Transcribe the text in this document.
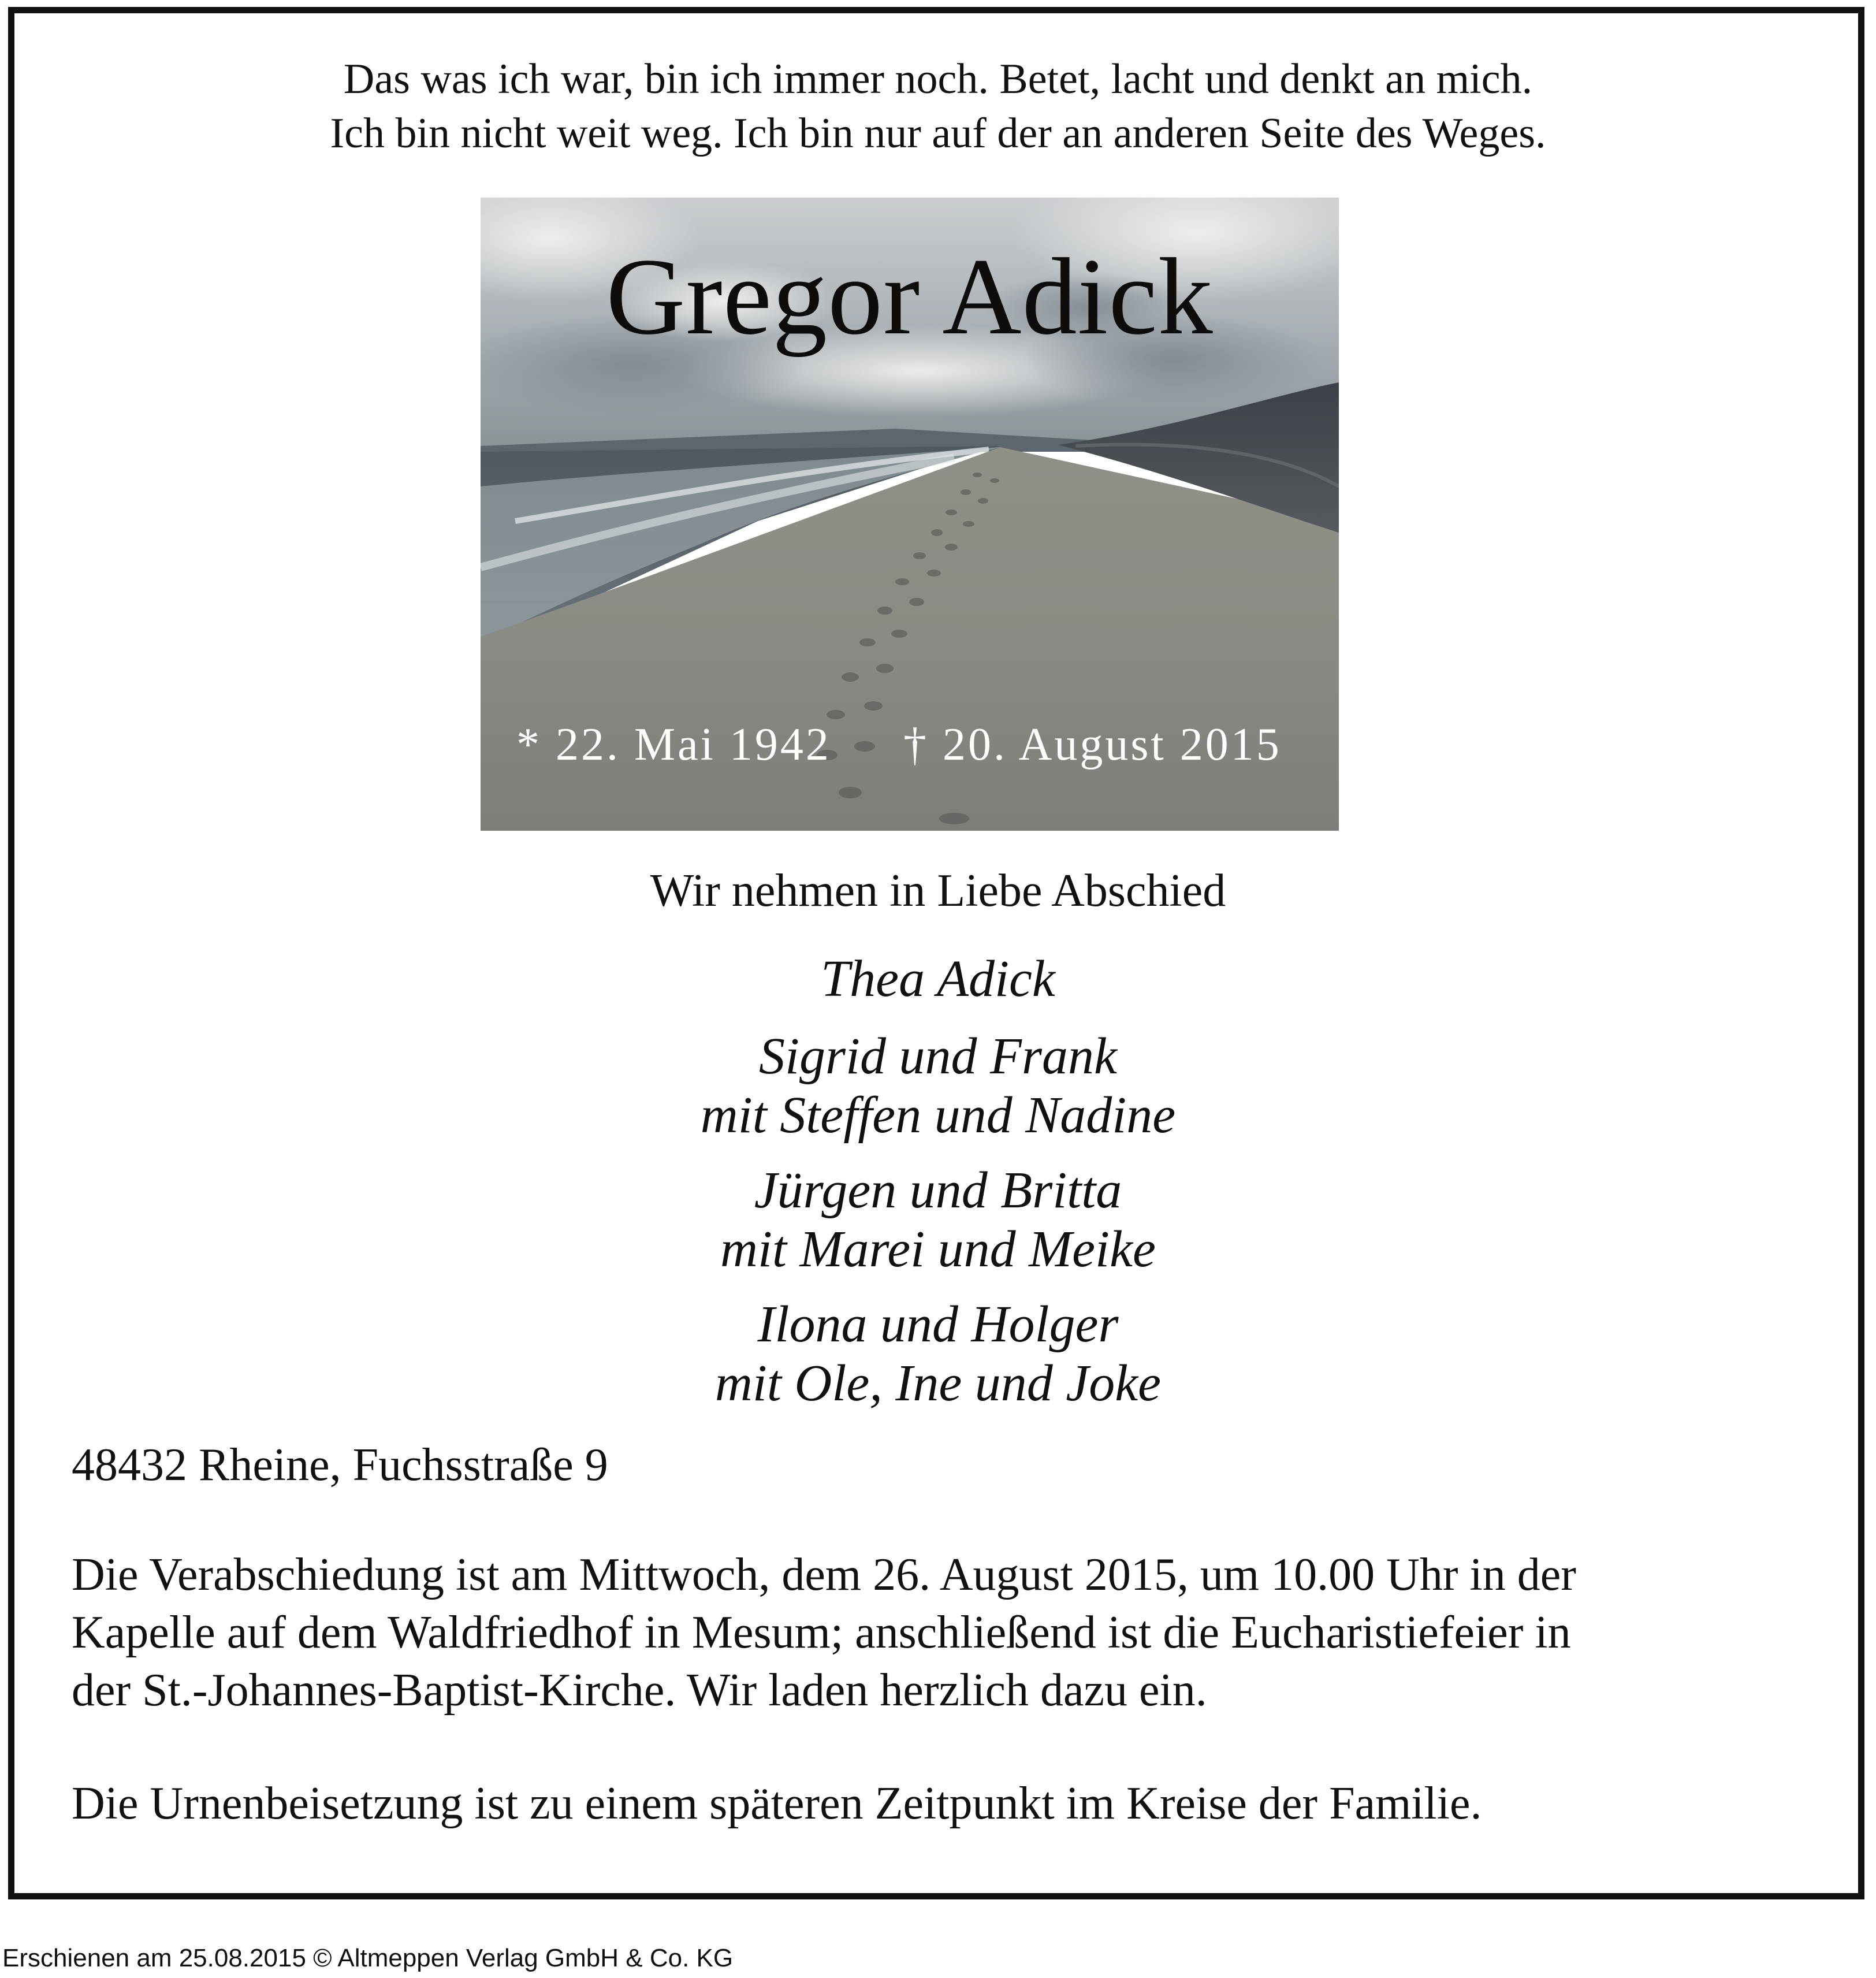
Das was ich war, bin ich immer noch. Betet, lacht und denkt an mich.
Ich bin nicht weit weg. Ich bin nur auf der an anderen Seite des Weges.
Gregor Adick
* 22. Mai 1942 † 20. August 2015
Wir nehmen in Liebe Abschied
Thea Adick
Sigrid und Frank
mit Steffen und Nadine
Jürgen und Britta
mit Marei und Meike
Ilona und Holger
mit Ole, Ine und Joke
48432 Rheine, Fuchsstraße 9
Die Verabschiedung ist am Mittwoch, dem 26. August 2015, um 10.00 Uhr in der
Kapelle auf dem Waldfriedhof in Mesum; anschließend ist die Eucharistiefeier in
der St.-Johannes-Baptist-Kirche. Wir laden herzlich dazu ein.
Die Urnenbeisetzung ist zu einem späteren Zeitpunkt im Kreise der Familie.
Erschienen am 25.08.2015 © Altmeppen Verlag GmbH & Co. KG
